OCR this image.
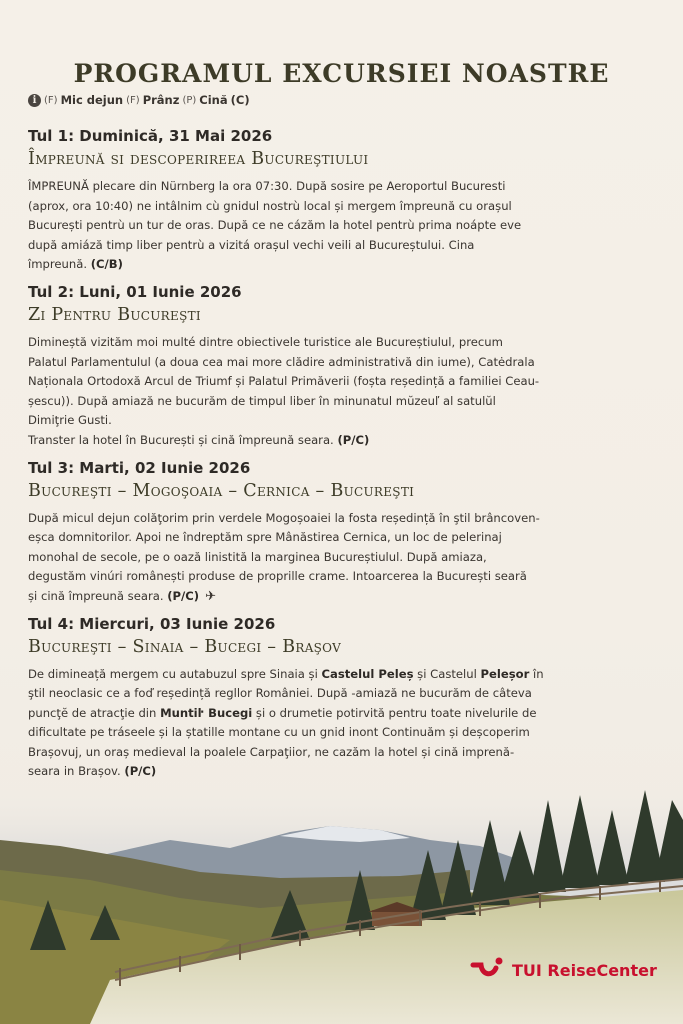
PROGRAMUL EXCURSIEI NOASTRE
i (F) Mic dejun (F) Prânz (P) Cină (C)
Tul 1: Duminică, 31 Mai 2026
Împreună si descoperireea Bucureştiului
ÎMPREUNĂ plecare din Nürnberg la ora 07:30. După sosire pe Aeroportul Bucuresti
(aprox, ora 10:40) ne intâlnim cù gnidul nostrù local și mergem împreună cu orașul
București pentrù un tur de oras. După ce ne cázăm la hotel pentrù prima noápte eve
după amiáză timp liber pentrù a vizitá orașul vechi veili al Bucureștului. Cina
împreună. (C/B)
Tul 2: Luni, 01 Iunie 2026
Zi Pentru Bucureşti
Dimineștă vizităm moi multé dintre obiectivele turistice ale Bucureștiulul, precum
Palatul Parlamentulul (a doua cea mai more clădire administrativă din iume), Catėdrala
Naționala Ortodoxă Arcul de Triumf și Palatul Primăverii (foșta reședință a familiei Ceau-
șescu)). După amiază ne bucurăm de timpul liber în minunatul mŭzeuľ al satulŭl
Dimiţrie Gusti.
Transter la hotel în București și cină împreună seara. (P/C)
Tul 3: Marti, 02 Iunie 2026
Bucureşti – Mogoşoaia – Cernica – Bucureşti
După micul dejun colăţorim prin verdele Mogoșoaiei la fosta reședință în ştil brâncoven-
eșca domnitorilor. Apoi ne îndreptăm spre Mânăstirea Cernica, un loc de pelerinaj
monohal de secole, pe o oază linistită la marginea Bucureștiulul. După amiaza,
degustăm vinúri românești produse de proprille crame. Intoarcerea la București seară
și cină împreună seara. (P/C) ✈
Tul 4: Miercuri, 03 Iunie 2026
Bucureşti – Sinaia – Bucegi – Braşov
De dimineață mergem cu autabuzul spre Sinaia și Castelul Peleș și Castelul Peleșor în
ştil neoclasic ce a foď reședință regllor României. După -amiază ne bucurăm de câteva
puncţĕ de atracţie din Muntiŀ Bucegi și o drumetie potirvită pentru toate nivelurile de
dificultate pe tráseele și la ștatille montane cu un gnid inont Continuăm și deșcoperim
Brașovuj, un oraș medieval la poalele Carpaţiior, ne cazăm la hotel și cină imprenă-
seara in Brașov. (P/C)
TUI ReiseCenter
